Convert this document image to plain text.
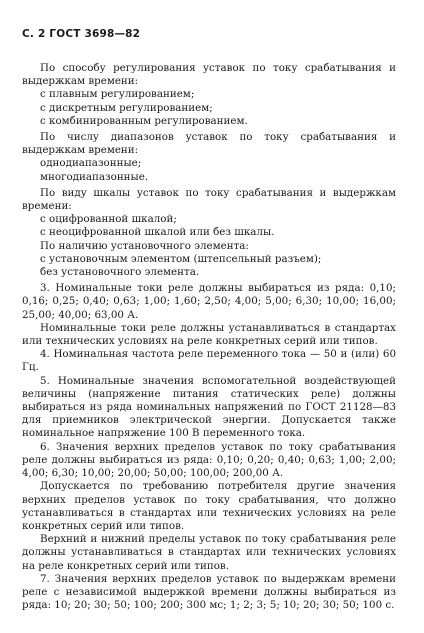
С. 2 ГОСТ 3698—82

По способу регулирования уставок по току срабатывания и выдержкам времени:

с плавным регулированием;

с дискретным регулированием;

с комбинированным регулированием.

По числу диапазонов уставок по току срабатывания и выдержкам времени:

однодиапазонные;

многодиапазонные.

По виду шкалы уставок по току срабатывания и выдержкам времени:

с оцифрованной шкалой;

с неоцифрованной шкалой или без шкалы.

По наличию установочного элемента:

с установочным элементом (штепсельный разъем);

без установочного элемента.

3. Номинальные токи реле должны выбираться из ряда: 0,10; 0,16; 0,25; 0,40; 0,63; 1,00; 1,60; 2,50; 4,00; 5,00; 6,30; 10,00; 16,00; 25,00; 40,00; 63,00 А.

Номинальные токи реле должны устанавливаться в стандартах или технических условиях на реле конкретных серий или типов.

4. Номинальная частота реле переменного тока — 50 и (или) 60 Гц.

5. Номинальные значения вспомогательной воздействующей величины (напряжение питания статических реле) должны выбираться из ряда номинальных напряжений по ГОСТ 21128—83 для приемников электрической энергии. Допускается также номинальное напряжение 100 В переменного тока.

6. Значения верхних пределов уставок по току срабатывания реле должны выбираться из ряда: 0,10; 0,20; 0,40; 0,63; 1,00; 2,00; 4,00; 6,30; 10,00; 20,00; 50,00; 100,00; 200,00 А.

Допускается по требованию потребителя другие значения верхних пределов уставок по току срабатывания, что должно устанавливаться в стандартах или технических условиях на реле конкретных серий или типов.

Верхний и нижний пределы уставок по току срабатывания реле должны устанавливаться в стандартах или технических условиях на реле конкретных серий или типов.

7. Значения верхних пределов уставок по выдержкам времени реле с независимой выдержкой времени должны выбираться из ряда: 10; 20; 30; 50; 100; 200; 300 мс; 1; 2; 3; 5; 10; 20; 30; 50; 100 с.
